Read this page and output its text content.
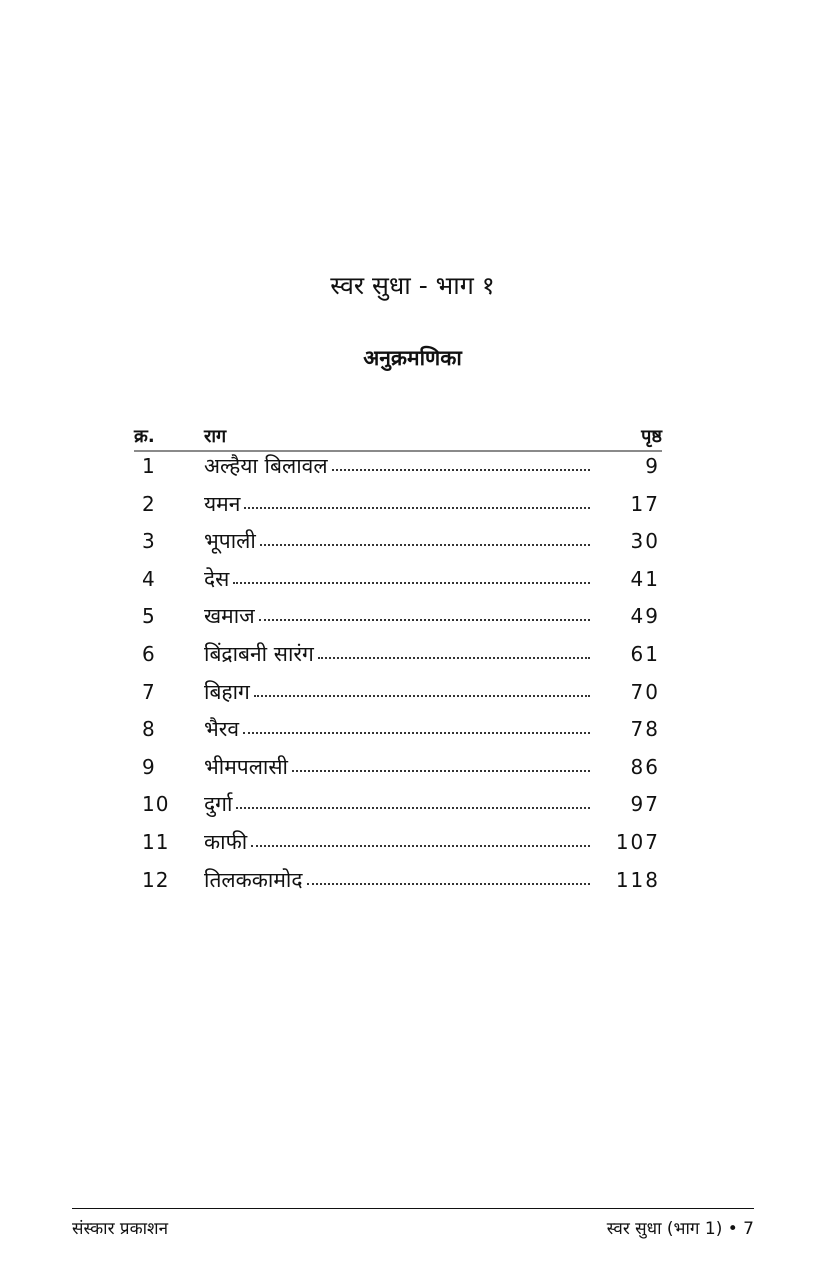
स्वर सुधा - भाग १
अनुक्रमणिका
क्र.	राग	पृष्ठ
1	अल्हैया बिलावल	9
2	यमन	17
3	भूपाली	30
4	देस	41
5	खमाज	49
6	बिंद्राबनी सारंग	61
7	बिहाग	70
8	भैरव	78
9	भीमपलासी	86
10	दुर्गा	97
11	काफी	107
12	तिलककामोद	118
संस्कार प्रकाशन	स्वर सुधा (भाग 1) • 7
